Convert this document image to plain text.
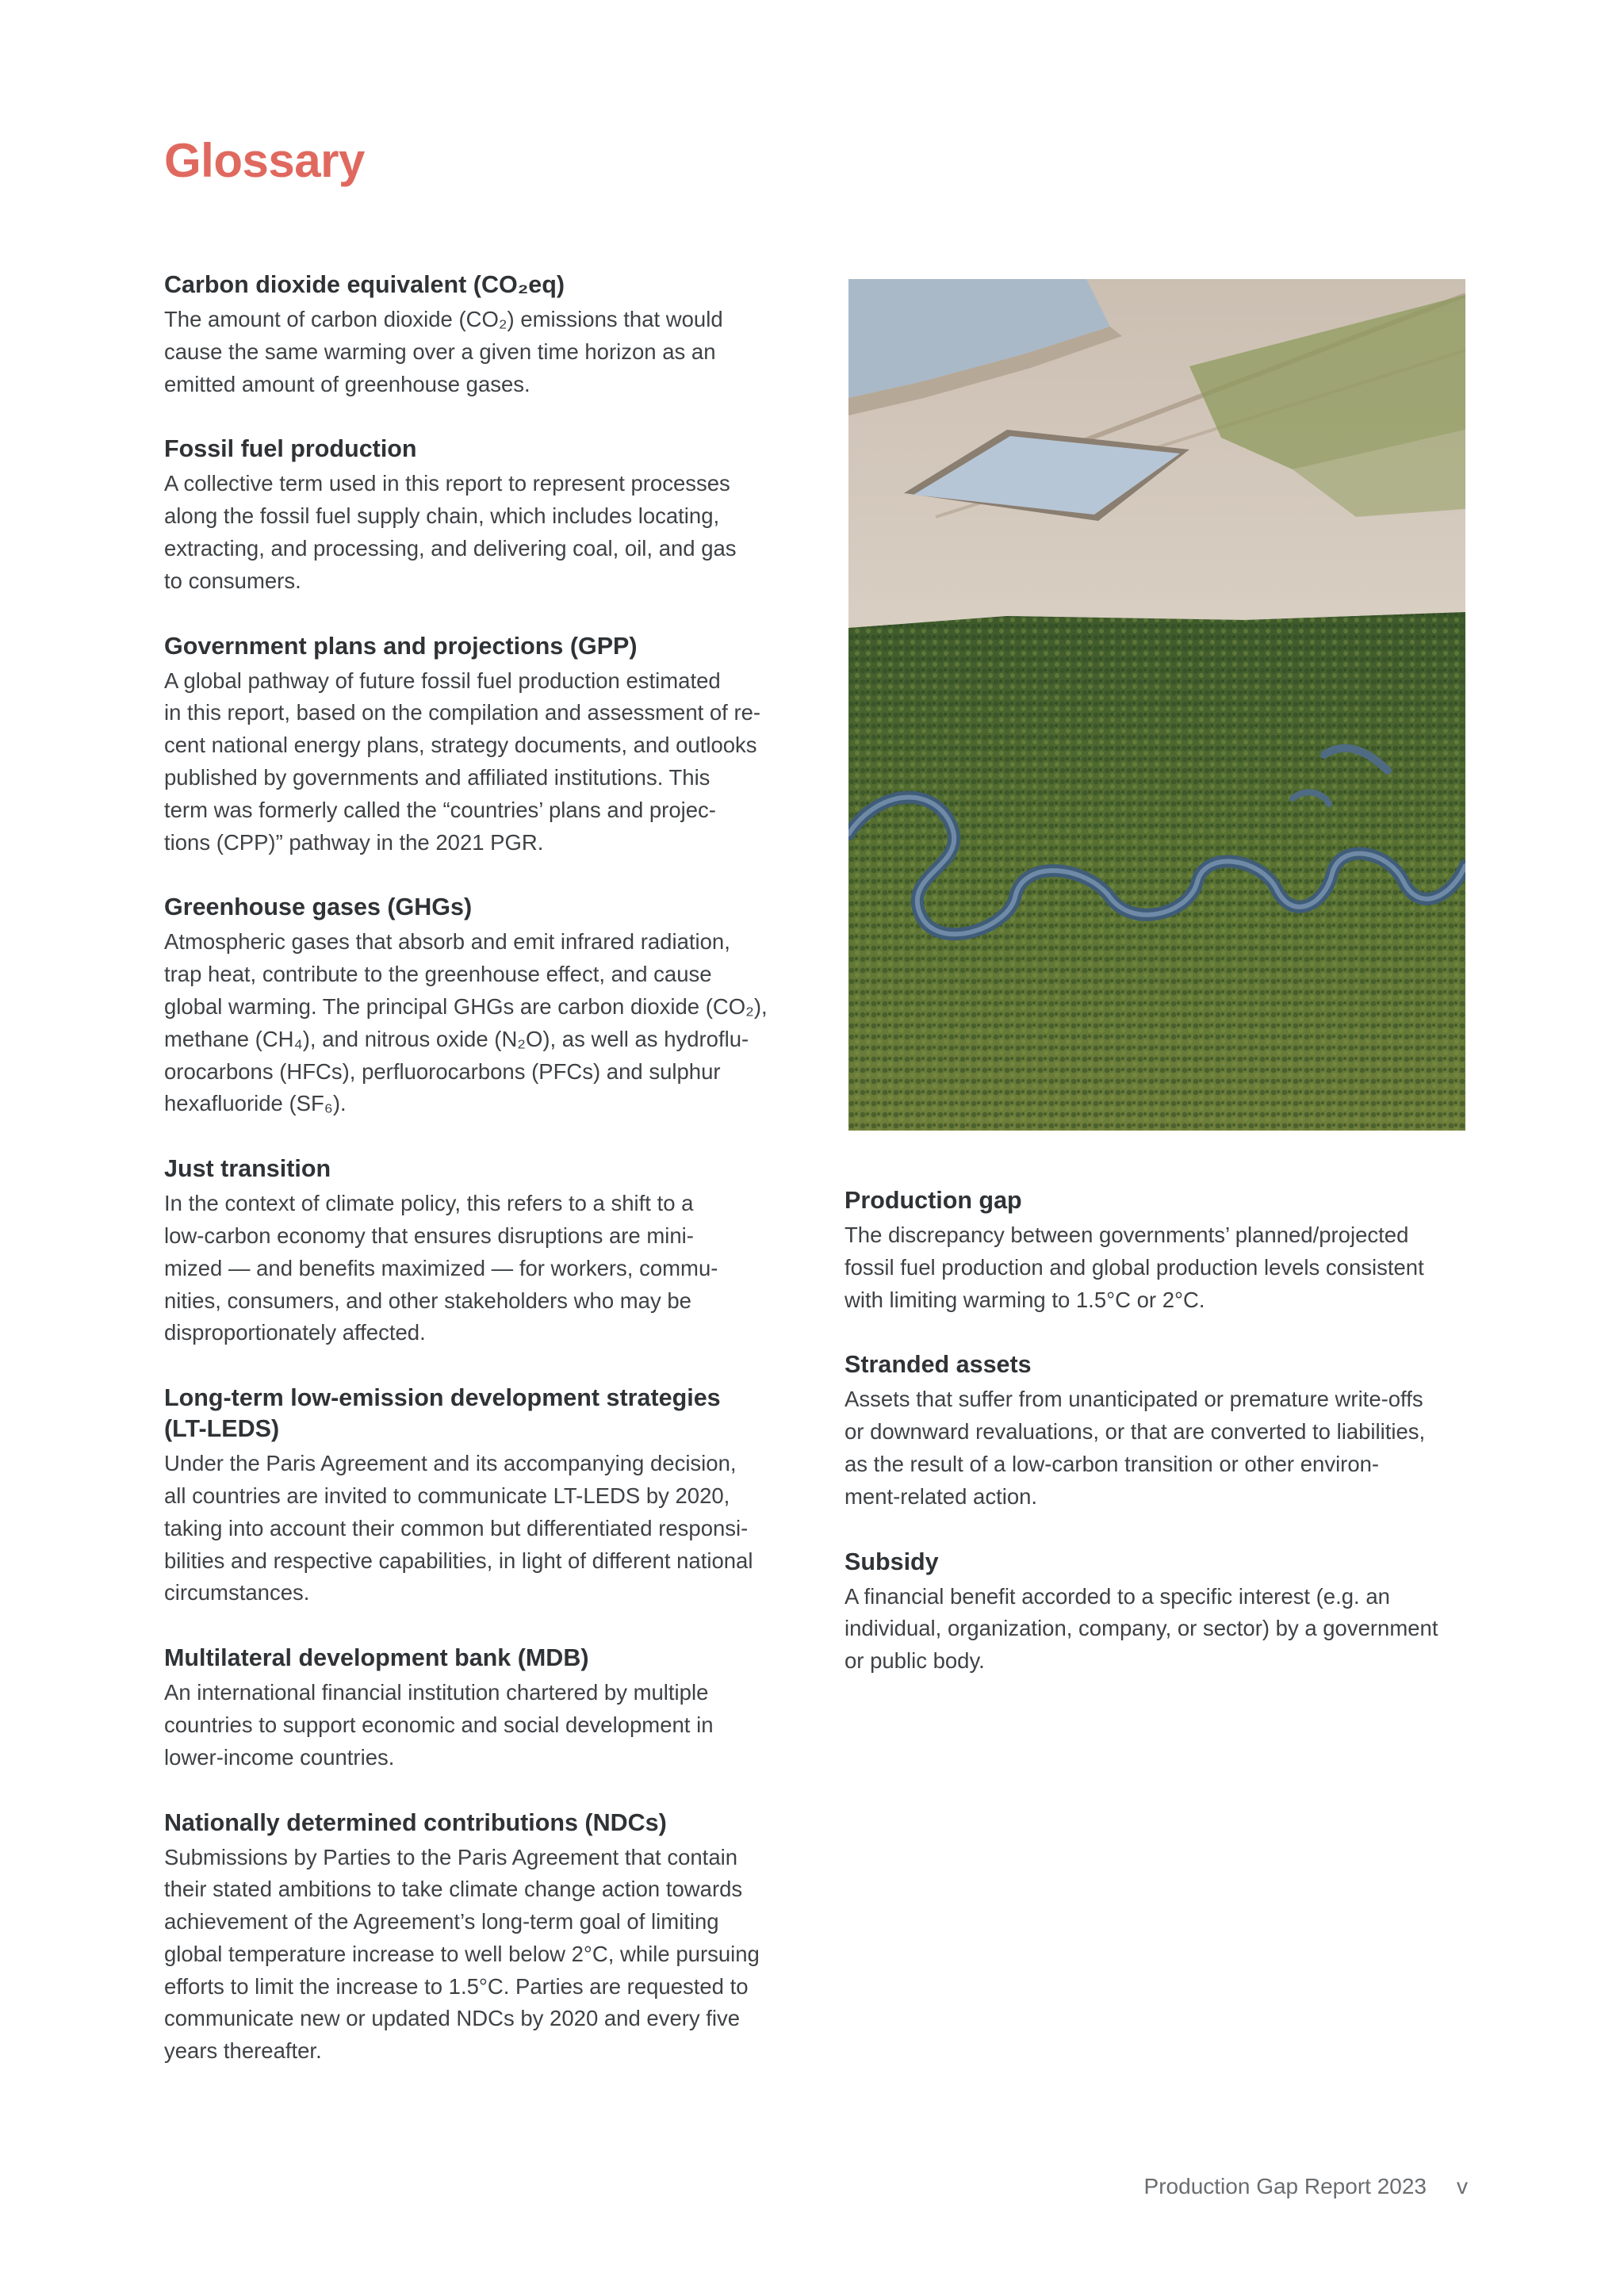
Glossary

Carbon dioxide equivalent (CO₂eq)

The amount of carbon dioxide (CO₂) emissions that would
cause the same warming over a given time horizon as an
emitted amount of greenhouse gases.

Fossil fuel production

A collective term used in this report to represent processes
along the fossil fuel supply chain, which includes locating,
extracting, and processing, and delivering coal, oil, and gas
to consumers.

Government plans and projections (GPP)

A global pathway of future fossil fuel production estimated
in this report, based on the compilation and assessment of re-
cent national energy plans, strategy documents, and outlooks
published by governments and affiliated institutions. This
term was formerly called the “countries’ plans and projec-
tions (CPP)” pathway in the 2021 PGR.

Greenhouse gases (GHGs)

Atmospheric gases that absorb and emit infrared radiation,
trap heat, contribute to the greenhouse effect, and cause
global warming. The principal GHGs are carbon dioxide (CO₂),
methane (CH₄), and nitrous oxide (N₂O), as well as hydroflu-
orocarbons (HFCs), perfluorocarbons (PFCs) and sulphur
hexafluoride (SF₆).

Just transition

In the context of climate policy, this refers to a shift to a
low-carbon economy that ensures disruptions are mini-
mized — and benefits maximized — for workers, commu-
nities, consumers, and other stakeholders who may be
disproportionately affected.

Long-term low-emission development strategies
(LT-LEDS)

Under the Paris Agreement and its accompanying decision,
all countries are invited to communicate LT-LEDS by 2020,
taking into account their common but differentiated responsi-
bilities and respective capabilities, in light of different national
circumstances.

Multilateral development bank (MDB)

An international financial institution chartered by multiple
countries to support economic and social development in
lower-income countries.

Nationally determined contributions (NDCs)

Submissions by Parties to the Paris Agreement that contain
their stated ambitions to take climate change action towards
achievement of the Agreement’s long-term goal of limiting
global temperature increase to well below 2°C, while pursuing
efforts to limit the increase to 1.5°C. Parties are requested to
communicate new or updated NDCs by 2020 and every five
years thereafter.

Production gap

The discrepancy between governments’ planned/projected
fossil fuel production and global production levels consistent
with limiting warming to 1.5°C or 2°C.

Stranded assets

Assets that suffer from unanticipated or premature write-offs
or downward revaluations, or that are converted to liabilities,
as the result of a low-carbon transition or other environ-
ment-related action.

Subsidy

A financial benefit accorded to a specific interest (e.g. an
individual, organization, company, or sector) by a government
or public body.

Production Gap Report 2023 v
